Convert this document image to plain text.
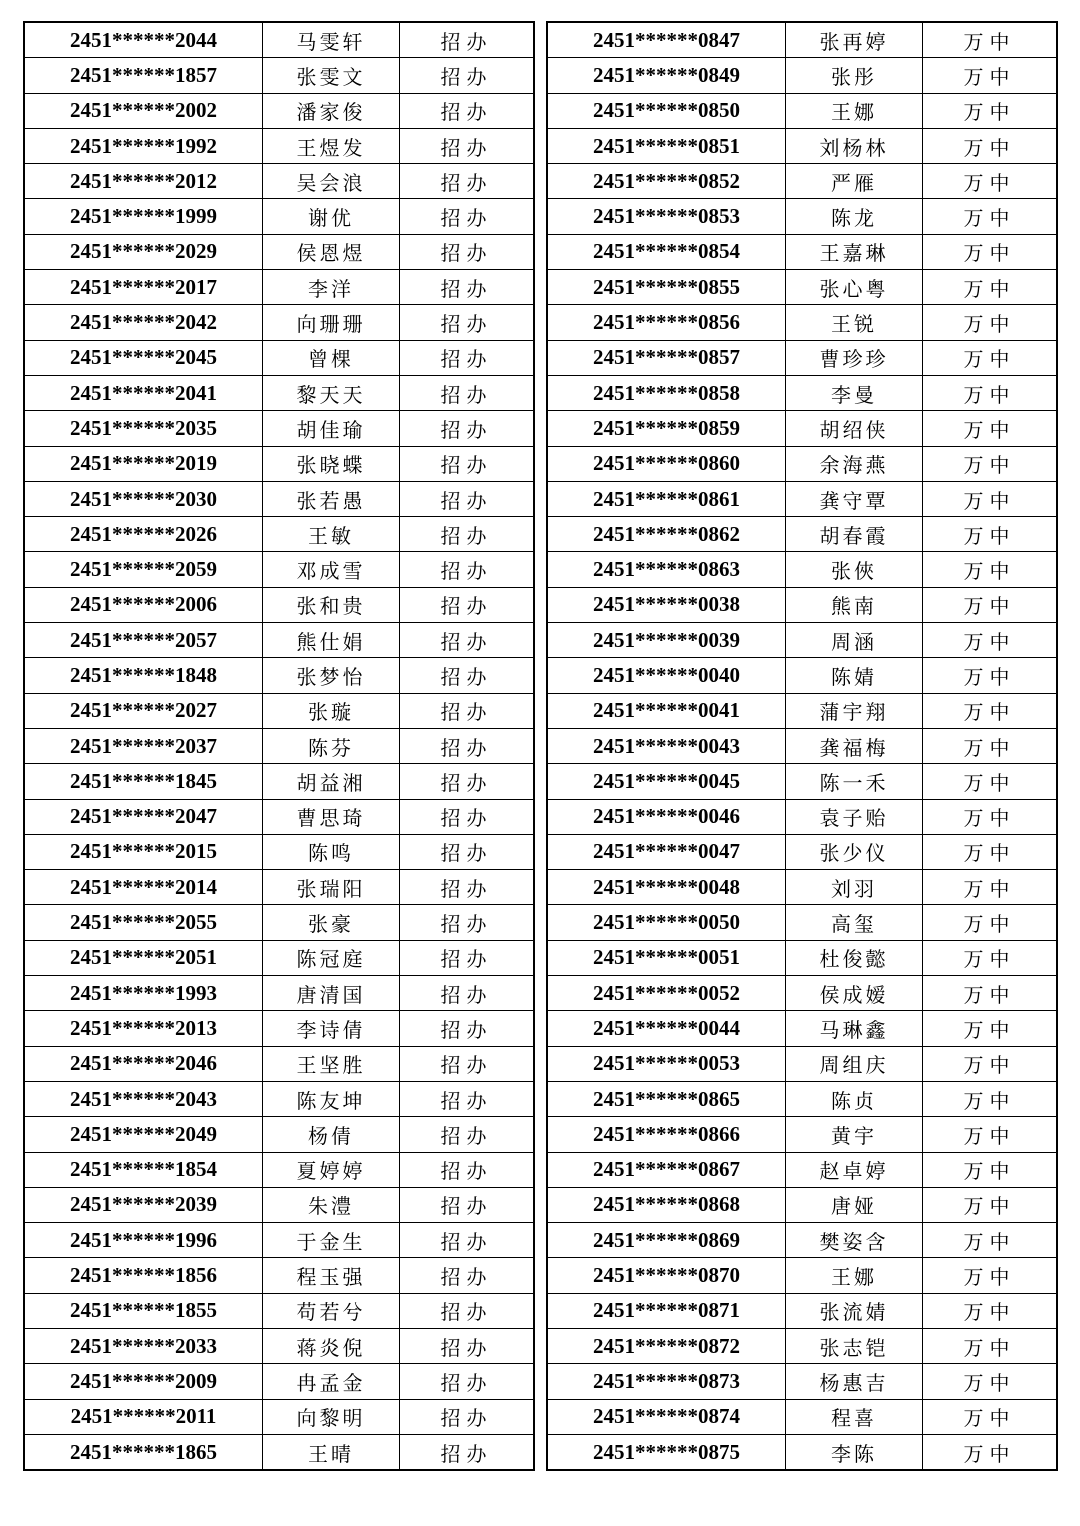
2451******2044	马雯轩	招办
2451******1857	张雯文	招办
2451******2002	潘家俊	招办
2451******1992	王煜发	招办
2451******2012	吴会浪	招办
2451******1999	谢优	招办
2451******2029	侯恩煜	招办
2451******2017	李洋	招办
2451******2042	向珊珊	招办
2451******2045	曾棵	招办
2451******2041	黎天天	招办
2451******2035	胡佳瑜	招办
2451******2019	张晓蝶	招办
2451******2030	张若愚	招办
2451******2026	王敏	招办
2451******2059	邓成雪	招办
2451******2006	张和贵	招办
2451******2057	熊仕娟	招办
2451******1848	张梦怡	招办
2451******2027	张璇	招办
2451******2037	陈芬	招办
2451******1845	胡益湘	招办
2451******2047	曹思琦	招办
2451******2015	陈鸣	招办
2451******2014	张瑞阳	招办
2451******2055	张豪	招办
2451******2051	陈冠庭	招办
2451******1993	唐清国	招办
2451******2013	李诗倩	招办
2451******2046	王坚胜	招办
2451******2043	陈友坤	招办
2451******2049	杨倩	招办
2451******1854	夏婷婷	招办
2451******2039	朱澧	招办
2451******1996	于金生	招办
2451******1856	程玉强	招办
2451******1855	苟若兮	招办
2451******2033	蒋炎倪	招办
2451******2009	冉孟金	招办
2451******2011	向黎明	招办
2451******1865	王晴	招办
2451******0847	张再婷	万中
2451******0849	张彤	万中
2451******0850	王娜	万中
2451******0851	刘杨林	万中
2451******0852	严雁	万中
2451******0853	陈龙	万中
2451******0854	王嘉琳	万中
2451******0855	张心粤	万中
2451******0856	王锐	万中
2451******0857	曹珍珍	万中
2451******0858	李曼	万中
2451******0859	胡绍侠	万中
2451******0860	余海燕	万中
2451******0861	龚守覃	万中
2451******0862	胡春霞	万中
2451******0863	张俠	万中
2451******0038	熊南	万中
2451******0039	周涵	万中
2451******0040	陈婧	万中
2451******0041	蒲宇翔	万中
2451******0043	龚福梅	万中
2451******0045	陈一禾	万中
2451******0046	袁子贻	万中
2451******0047	张少仪	万中
2451******0048	刘羽	万中
2451******0050	高玺	万中
2451******0051	杜俊懿	万中
2451******0052	侯成嫒	万中
2451******0044	马琳鑫	万中
2451******0053	周组庆	万中
2451******0865	陈贞	万中
2451******0866	黄宇	万中
2451******0867	赵卓婷	万中
2451******0868	唐娅	万中
2451******0869	樊姿含	万中
2451******0870	王娜	万中
2451******0871	张流婧	万中
2451******0872	张志铠	万中
2451******0873	杨惠吉	万中
2451******0874	程喜	万中
2451******0875	李陈	万中
